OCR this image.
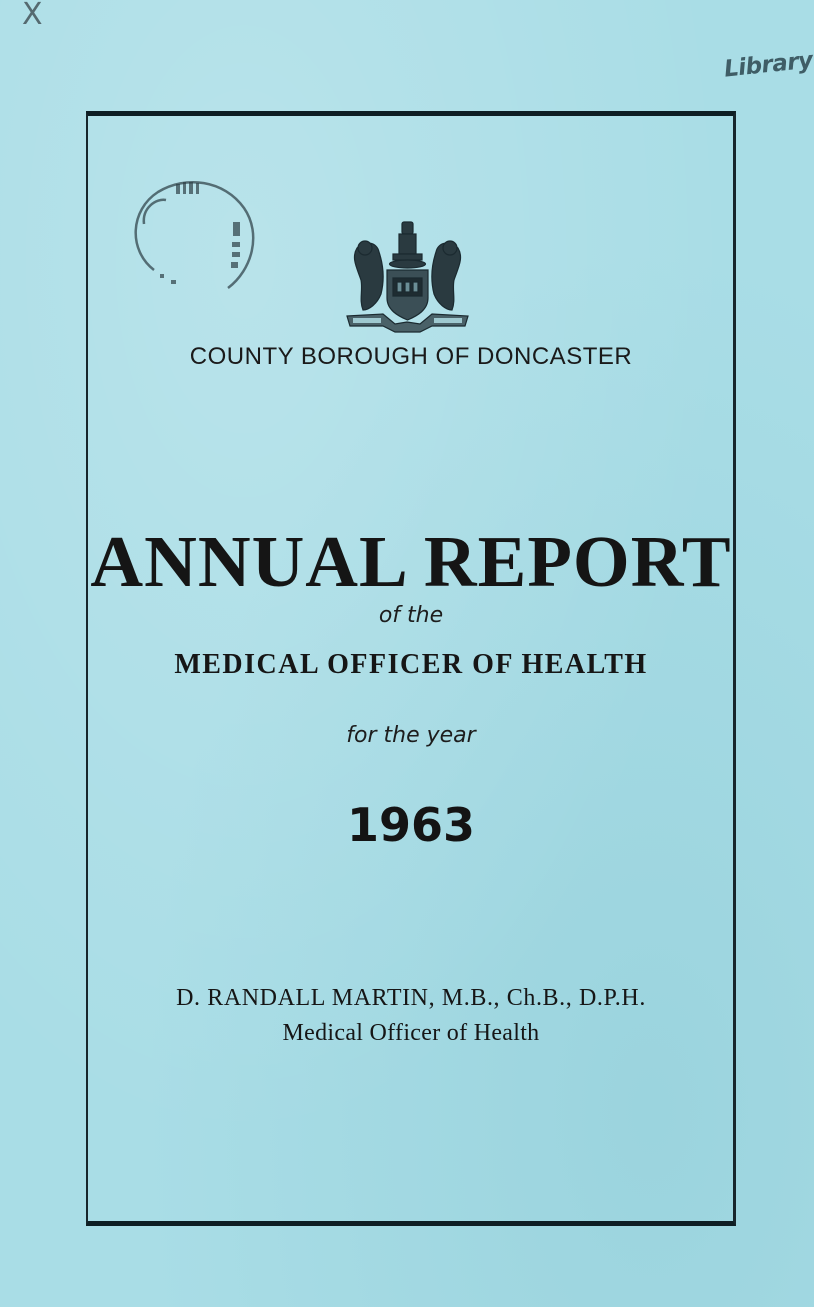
X
Library

COUNTY BOROUGH OF DONCASTER

ANNUAL REPORT

of the

MEDICAL OFFICER OF HEALTH

for the year

1963

D. RANDALL MARTIN, M.B., Ch.B., D.P.H.

Medical Officer of Health
